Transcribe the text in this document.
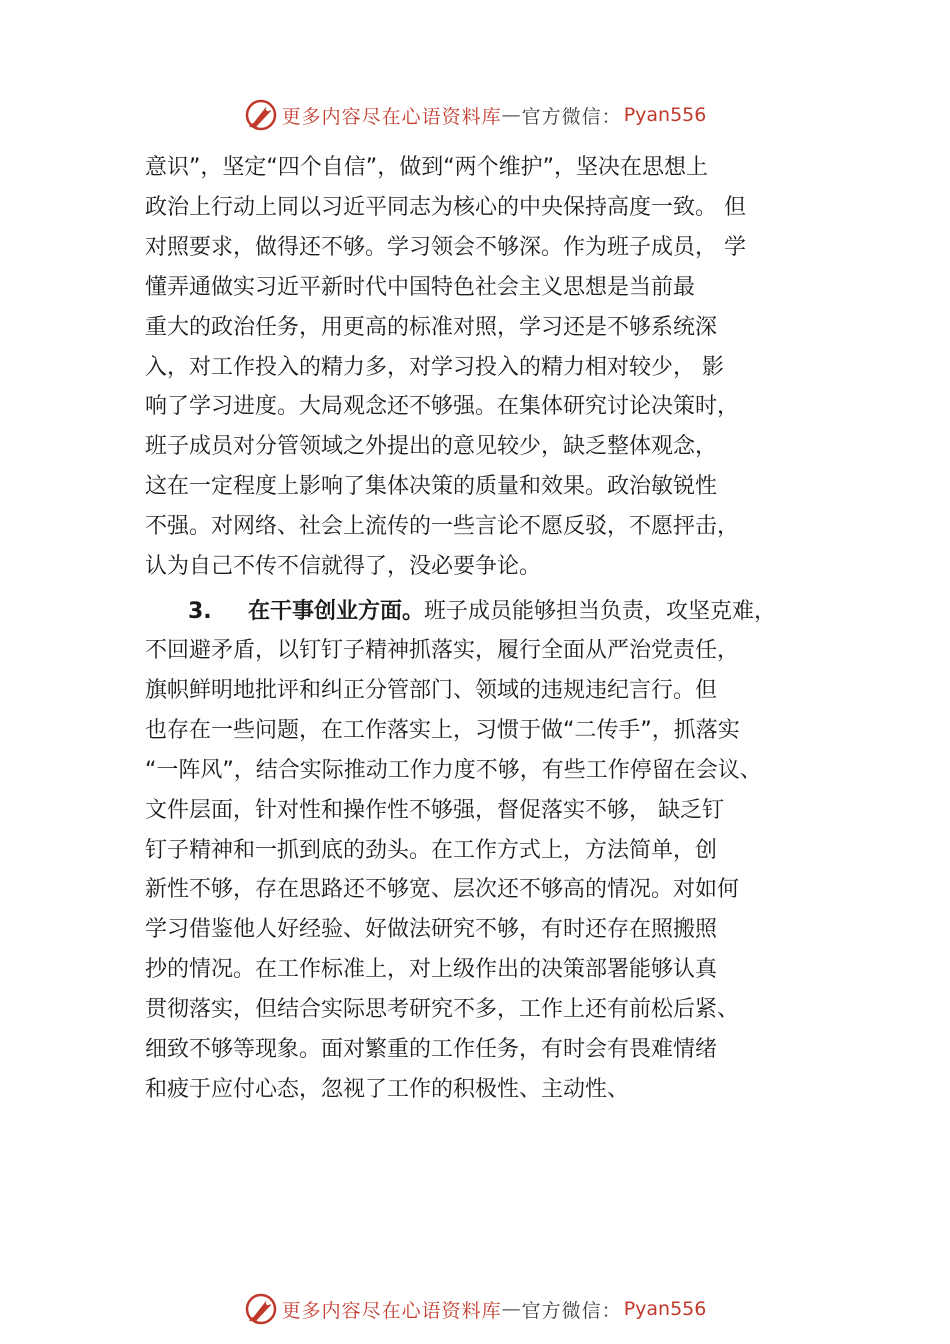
更多内容尽在心语资料库 — 官方微信： Pyan556
意识”，坚定“四个自信”，做到“两个维护”，坚决在思想上
政治上行动上同以习近平同志为核心的中央保持高度一致。 但
对照要求，做得还不够。学习领会不够深。作为班子成员， 学
懂弄通做实习近平新时代中国特色社会主义思想是当前最
重大的政治任务，用更高的标准对照，学习还是不够系统深
入，对工作投入的精力多，对学习投入的精力相对较少， 影
响了学习进度。大局观念还不够强。在集体研究讨论决策时，
班子成员对分管领域之外提出的意见较少，缺乏整体观念，
这在一定程度上影响了集体决策的质量和效果。政治敏锐性
不强。对网络、社会上流传的一些言论不愿反驳，不愿抨击，
认为自己不传不信就得了，没必要争论。
3. 在干事创业方面。班子成员能够担当负责，攻坚克难，
不回避矛盾，以钉钉子精神抓落实，履行全面从严治党责任，
旗帜鲜明地批评和纠正分管部门、领域的违规违纪言行。但
也存在一些问题，在工作落实上，习惯于做“二传手”，抓落实
“一阵风”，结合实际推动工作力度不够，有些工作停留在会议、
文件层面，针对性和操作性不够强，督促落实不够， 缺乏钉
钉子精神和一抓到底的劲头。在工作方式上，方法简单，创
新性不够，存在思路还不够宽、层次还不够高的情况。对如何
学习借鉴他人好经验、好做法研究不够，有时还存在照搬照
抄的情况。在工作标准上，对上级作出的决策部署能够认真
贯彻落实，但结合实际思考研究不多，工作上还有前松后紧、
细致不够等现象。面对繁重的工作任务，有时会有畏难情绪
和疲于应付心态，忽视了工作的积极性、主动性、
更多内容尽在心语资料库 — 官方微信： Pyan556
